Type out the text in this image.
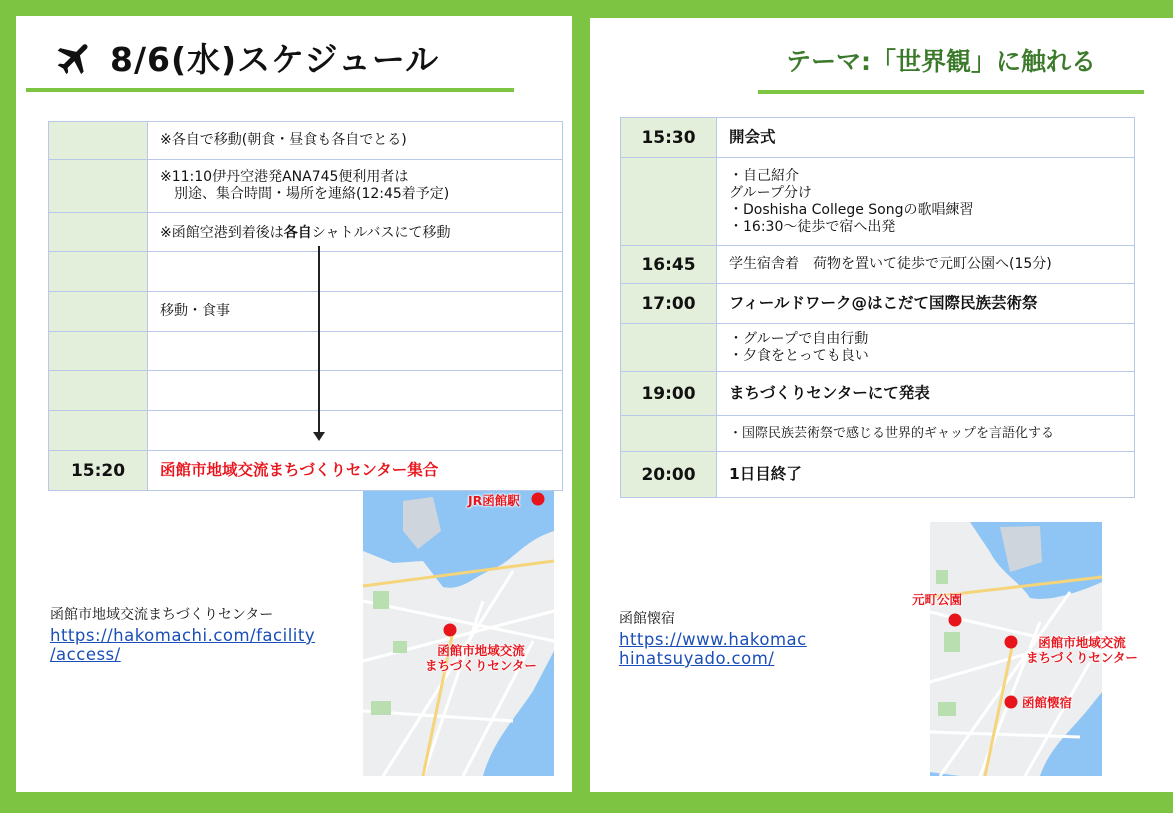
8/6(水)スケジュール
	※各自で移動(朝食・昼食も各自でとる)

	※11:10伊丹空港発ANA745便利用者は
　別途、集合時間・場所を連絡(12:45着予定)

	※函館空港到着後は各自シャトルバスにて移動

	移動・食事

15:20	函館市地域交流まちづくりセンター集合
函館市地域交流まちづくりセンター
https://hakomachi.com/facility
/access/
JR函館駅
函館市地域交流
まちづくりセンター
テーマ:「世界観」に触れる
15:30	開会式

	・自己紹介
グループ分け
・Doshisha College Songの歌唱練習
・16:30～徒歩で宿へ出発

16:45	学生宿舎着　荷物を置いて徒歩で元町公園へ(15分)
17:00	フィールドワーク@はこだて国際民族芸術祭

	・グループで自由行動
・夕食をとっても良い

19:00	まちづくりセンターにて発表
	・国際民族芸術祭で感じる世界的ギャップを言語化する
20:00	1日目終了
函館懐宿
https://www.hakomac
hinatsuyado.com/
元町公園
函館市地域交流
まちづくりセンター
函館懐宿
